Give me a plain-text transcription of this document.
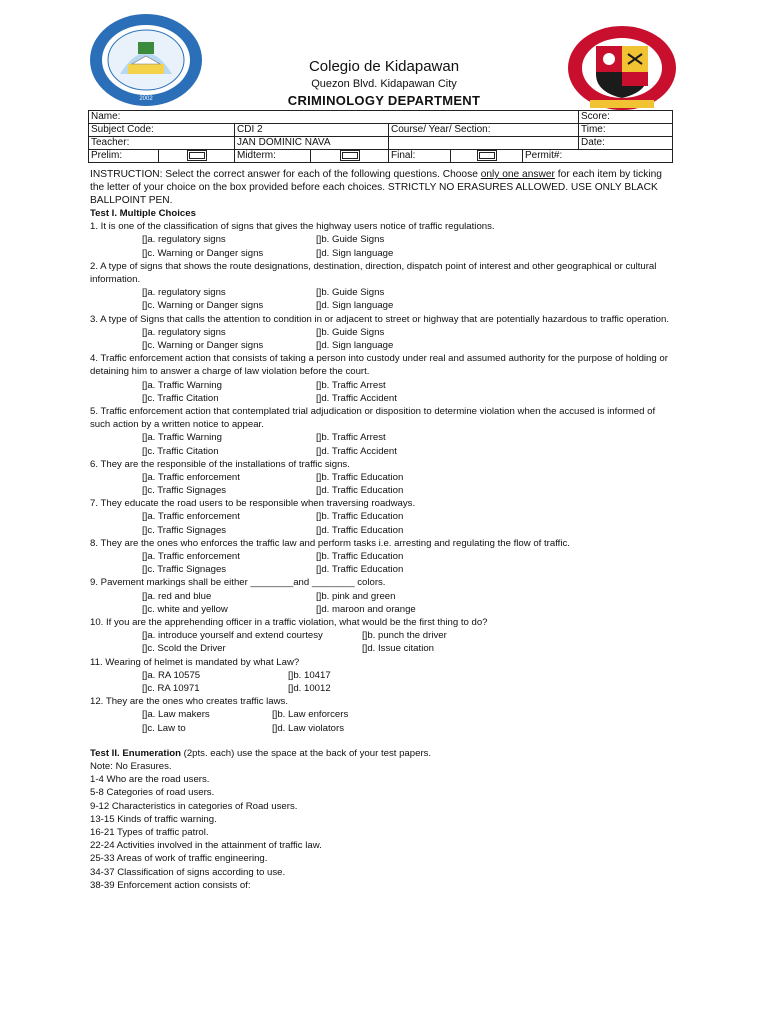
2002
Colegio de Kidapawan
Quezon Blvd. Kidapawan City
CRIMINOLOGY DEPARTMENT
Name:							Score:
Subject Code:		CDI 2		Course/ Year/ Section:			Time:
Teacher:		JAN DOMINIC NAVA					Date:
Prelim:		Midterm:		Final:		Permit#:	
INSTRUCTION: Select the correct answer for each of the following questions. Choose only one answer for each item by ticking the letter of your choice on the box provided before each choices. STRICTLY NO ERASURES ALLOWED. USE ONLY BLACK BALLPOINT PEN.
Test I. Multiple Choices
1. It is one of the classification of signs that gives the highway users notice of traffic regulations.
[]a. regulatory signs	[]b. Guide Signs
[]c. Warning or Danger signs	[]d. Sign language
2. A type of signs that shows the route designations, destination, direction, dispatch point of interest and other geographical or cultural information.
[]a. regulatory signs	[]b. Guide Signs
[]c. Warning or Danger signs	[]d. Sign language
3. A type of Signs that calls the attention to condition in or adjacent to street or highway that are potentially hazardous to traffic operation.
[]a. regulatory signs	[]b. Guide Signs
[]c. Warning or Danger signs	[]d. Sign language
4. Traffic enforcement action that consists of taking a person into custody under real and assumed authority for the purpose of holding or detaining him to answer a charge of law violation before the court.
[]a. Traffic Warning	[]b. Traffic Arrest
[]c. Traffic Citation	[]d. Traffic Accident
5. Traffic enforcement action that contemplated trial adjudication or disposition to determine violation when the accused is informed of such action by a written notice to appear.
[]a. Traffic Warning	[]b. Traffic Arrest
[]c. Traffic Citation	[]d. Traffic Accident
6. They are the responsible of the installations of traffic signs.
[]a. Traffic enforcement	[]b. Traffic Education
[]c. Traffic Signages	[]d. Traffic Education
7. They educate the road users to be responsible when traversing roadways.
[]a. Traffic enforcement	[]b. Traffic Education
[]c. Traffic Signages	[]d. Traffic Education
8. They are the ones who enforces the traffic law and perform tasks i.e. arresting and regulating the flow of traffic.
[]a. Traffic enforcement	[]b. Traffic Education
[]c. Traffic Signages	[]d. Traffic Education
9. Pavement markings shall be either ________and ________ colors.
[]a. red and blue	[]b. pink and green
[]c. white and yellow	[]d. maroon and orange
10. If you are the apprehending officer in a traffic violation, what would be the first thing to do?
[]a. introduce yourself and extend courtesy	[]b. punch the driver
[]c. Scold the Driver	[]d. Issue citation
11. Wearing of helmet is mandated by what Law?
[]a. RA 10575	[]b. 10417
[]c. RA 10971	[]d. 10012
12. They are the ones who creates traffic laws.
[]a. Law makers	[]b. Law enforcers
[]c. Law to	[]d. Law violators
Test II. Enumeration (2pts. each) use the space at the back of your test papers.
Note: No Erasures.
1-4 Who are the road users.
5-8 Categories of road users.
9-12 Characteristics in categories of Road users.
13-15 Kinds of traffic warning.
16-21 Types of traffic patrol.
22-24 Activities involved in the attainment of traffic law.
25-33 Areas of work of traffic engineering.
34-37 Classification of signs according to use.
38-39 Enforcement action consists of:
